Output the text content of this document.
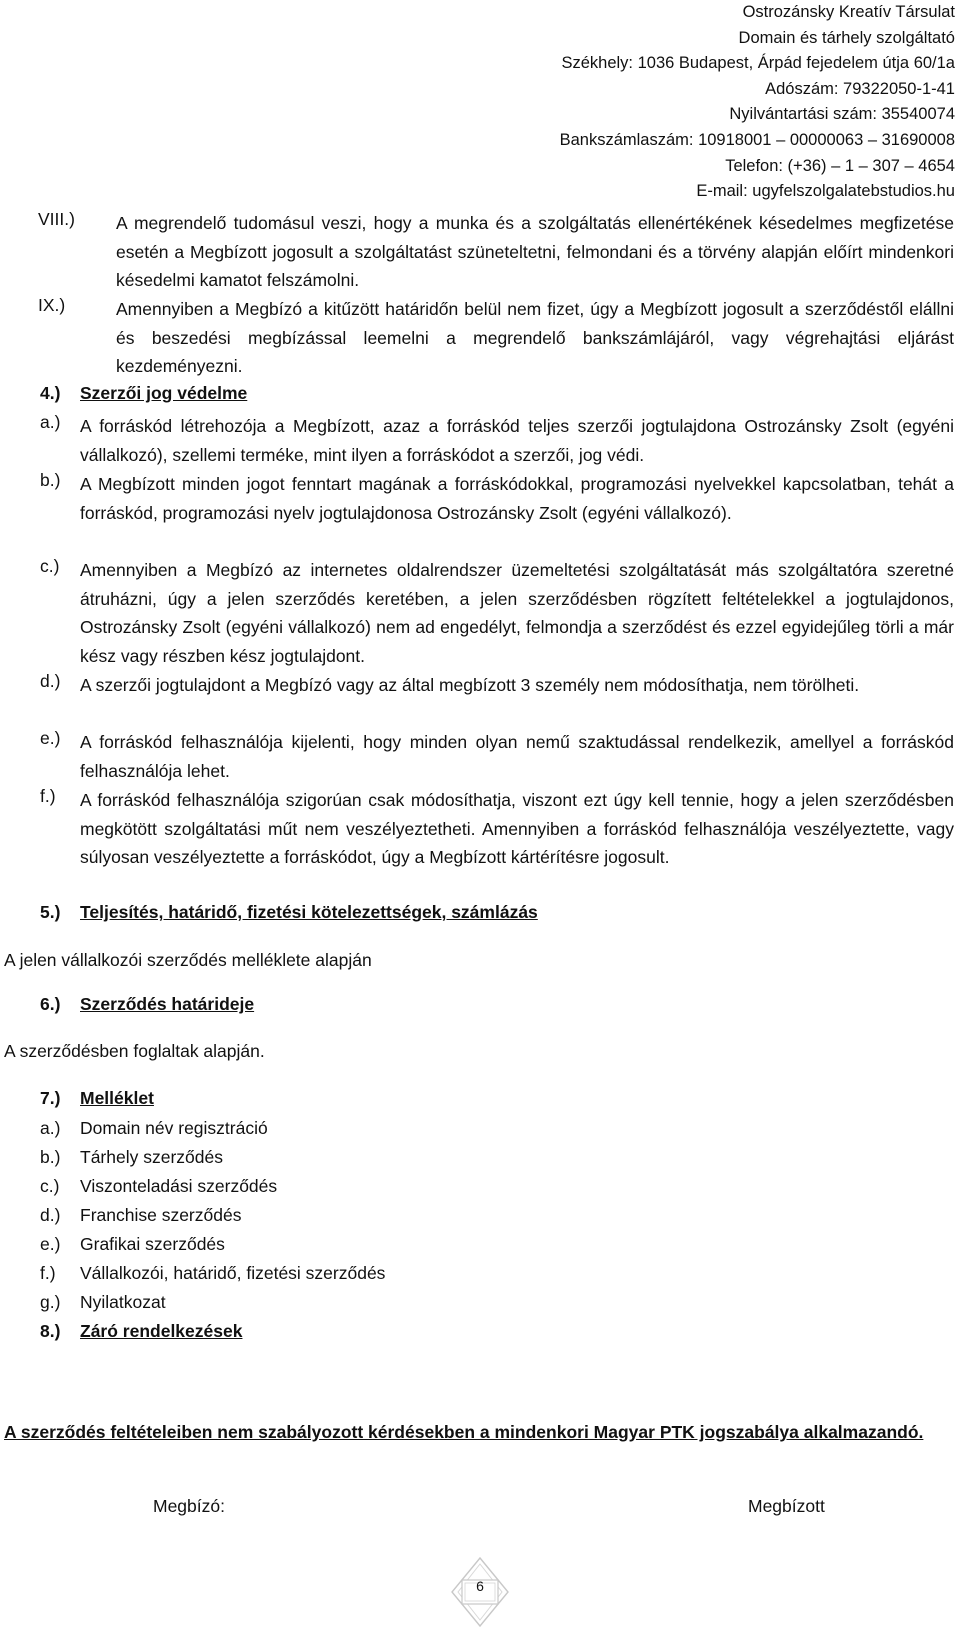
Ostrozánsky Kreatív Társulat
Domain és tárhely szolgáltató
Székhely: 1036 Budapest, Árpád fejedelem útja 60/1a
Adószám: 79322050-1-41
Nyilvántartási szám: 35540074
Bankszámlaszám: 10918001 – 00000063 – 31690008
Telefon: (+36) – 1 – 307 – 4654
E-mail: ugyfelszolgalatebstudios.hu
VIII.) A megrendelő tudomásul veszi, hogy a munka és a szolgáltatás ellenértékének késedelmes megfizetése esetén a Megbízott jogosult a szolgáltatást szüneteltetni, felmondani és a törvény alapján előírt mindenkori késedelmi kamatot felszámolni.

IX.)	Amennyiben a Megbízó a kitűzött határidőn belül nem fizet, úgy a Megbízott jogosult a szerződéstől elállni és beszedési megbízással leemelni a megrendelő bankszámlájáról, vagy végrehajtási eljárást kezdeményezni.

4.) Szerzői jog védelme
a.) A forráskód létrehozója a Megbízott, azaz a forráskód teljes szerzői jogtulajdona Ostrozánsky Zsolt (egyéni vállalkozó), szellemi terméke, mint ilyen a forráskódot a szerzői, jog védi.

b.) A Megbízott minden jogot fenntart magának a forráskódokkal, programozási nyelvekkel kapcsolatban, tehát a forráskód, programozási nyelv jogtulajdonosa Ostrozánsky Zsolt (egyéni vállalkozó).

c.) Amennyiben a Megbízó az internetes oldalrendszer üzemeltetési szolgáltatását más szolgáltatóra szeretné átruházni, úgy a jelen szerződés keretében, a jelen szerződésben rögzített feltételekkel a jogtulajdonos, Ostrozánsky Zsolt (egyéni vállalkozó) nem ad engedélyt, felmondja a szerződést és ezzel egyidejűleg törli a már kész vagy részben kész jogtulajdont.

d.) A szerzői jogtulajdont a Megbízó vagy az által megbízott 3 személy nem módosíthatja, nem törölheti.

e.) A forráskód felhasználója kijelenti, hogy minden olyan nemű szaktudással rendelkezik, amellyel a forráskód felhasználója lehet.

f.) A forráskód felhasználója szigorúan csak módosíthatja, viszont ezt úgy kell tennie, hogy a jelen szerződésben megkötött szolgáltatási műt nem veszélyeztetheti. Amennyiben a forráskód felhasználója veszélyeztette, vagy súlyosan veszélyeztette a forráskódot, úgy a Megbízott kártérítésre jogosult.

5.) Teljesítés, határidő, fizetési kötelezettségek, számlázás
A jelen vállalkozói szerződés melléklete alapján
6.) Szerződés határideje
A szerződésben foglaltak alapján.
7.) Melléklet
a.) Domain név regisztráció
b.) Tárhely szerződés
c.) Viszonteladási szerződés
d.) Franchise szerződés
e.) Grafikai szerződés
f.) Vállalkozói, határidő, fizetési szerződés
g.) Nyilatkozat
8.) Záró rendelkezések

A szerződés feltételeiben nem szabályozott kérdésekben a mindenkori Magyar PTK jogszabálya alkalmazandó.

Megbízó:	Megbízott
6
